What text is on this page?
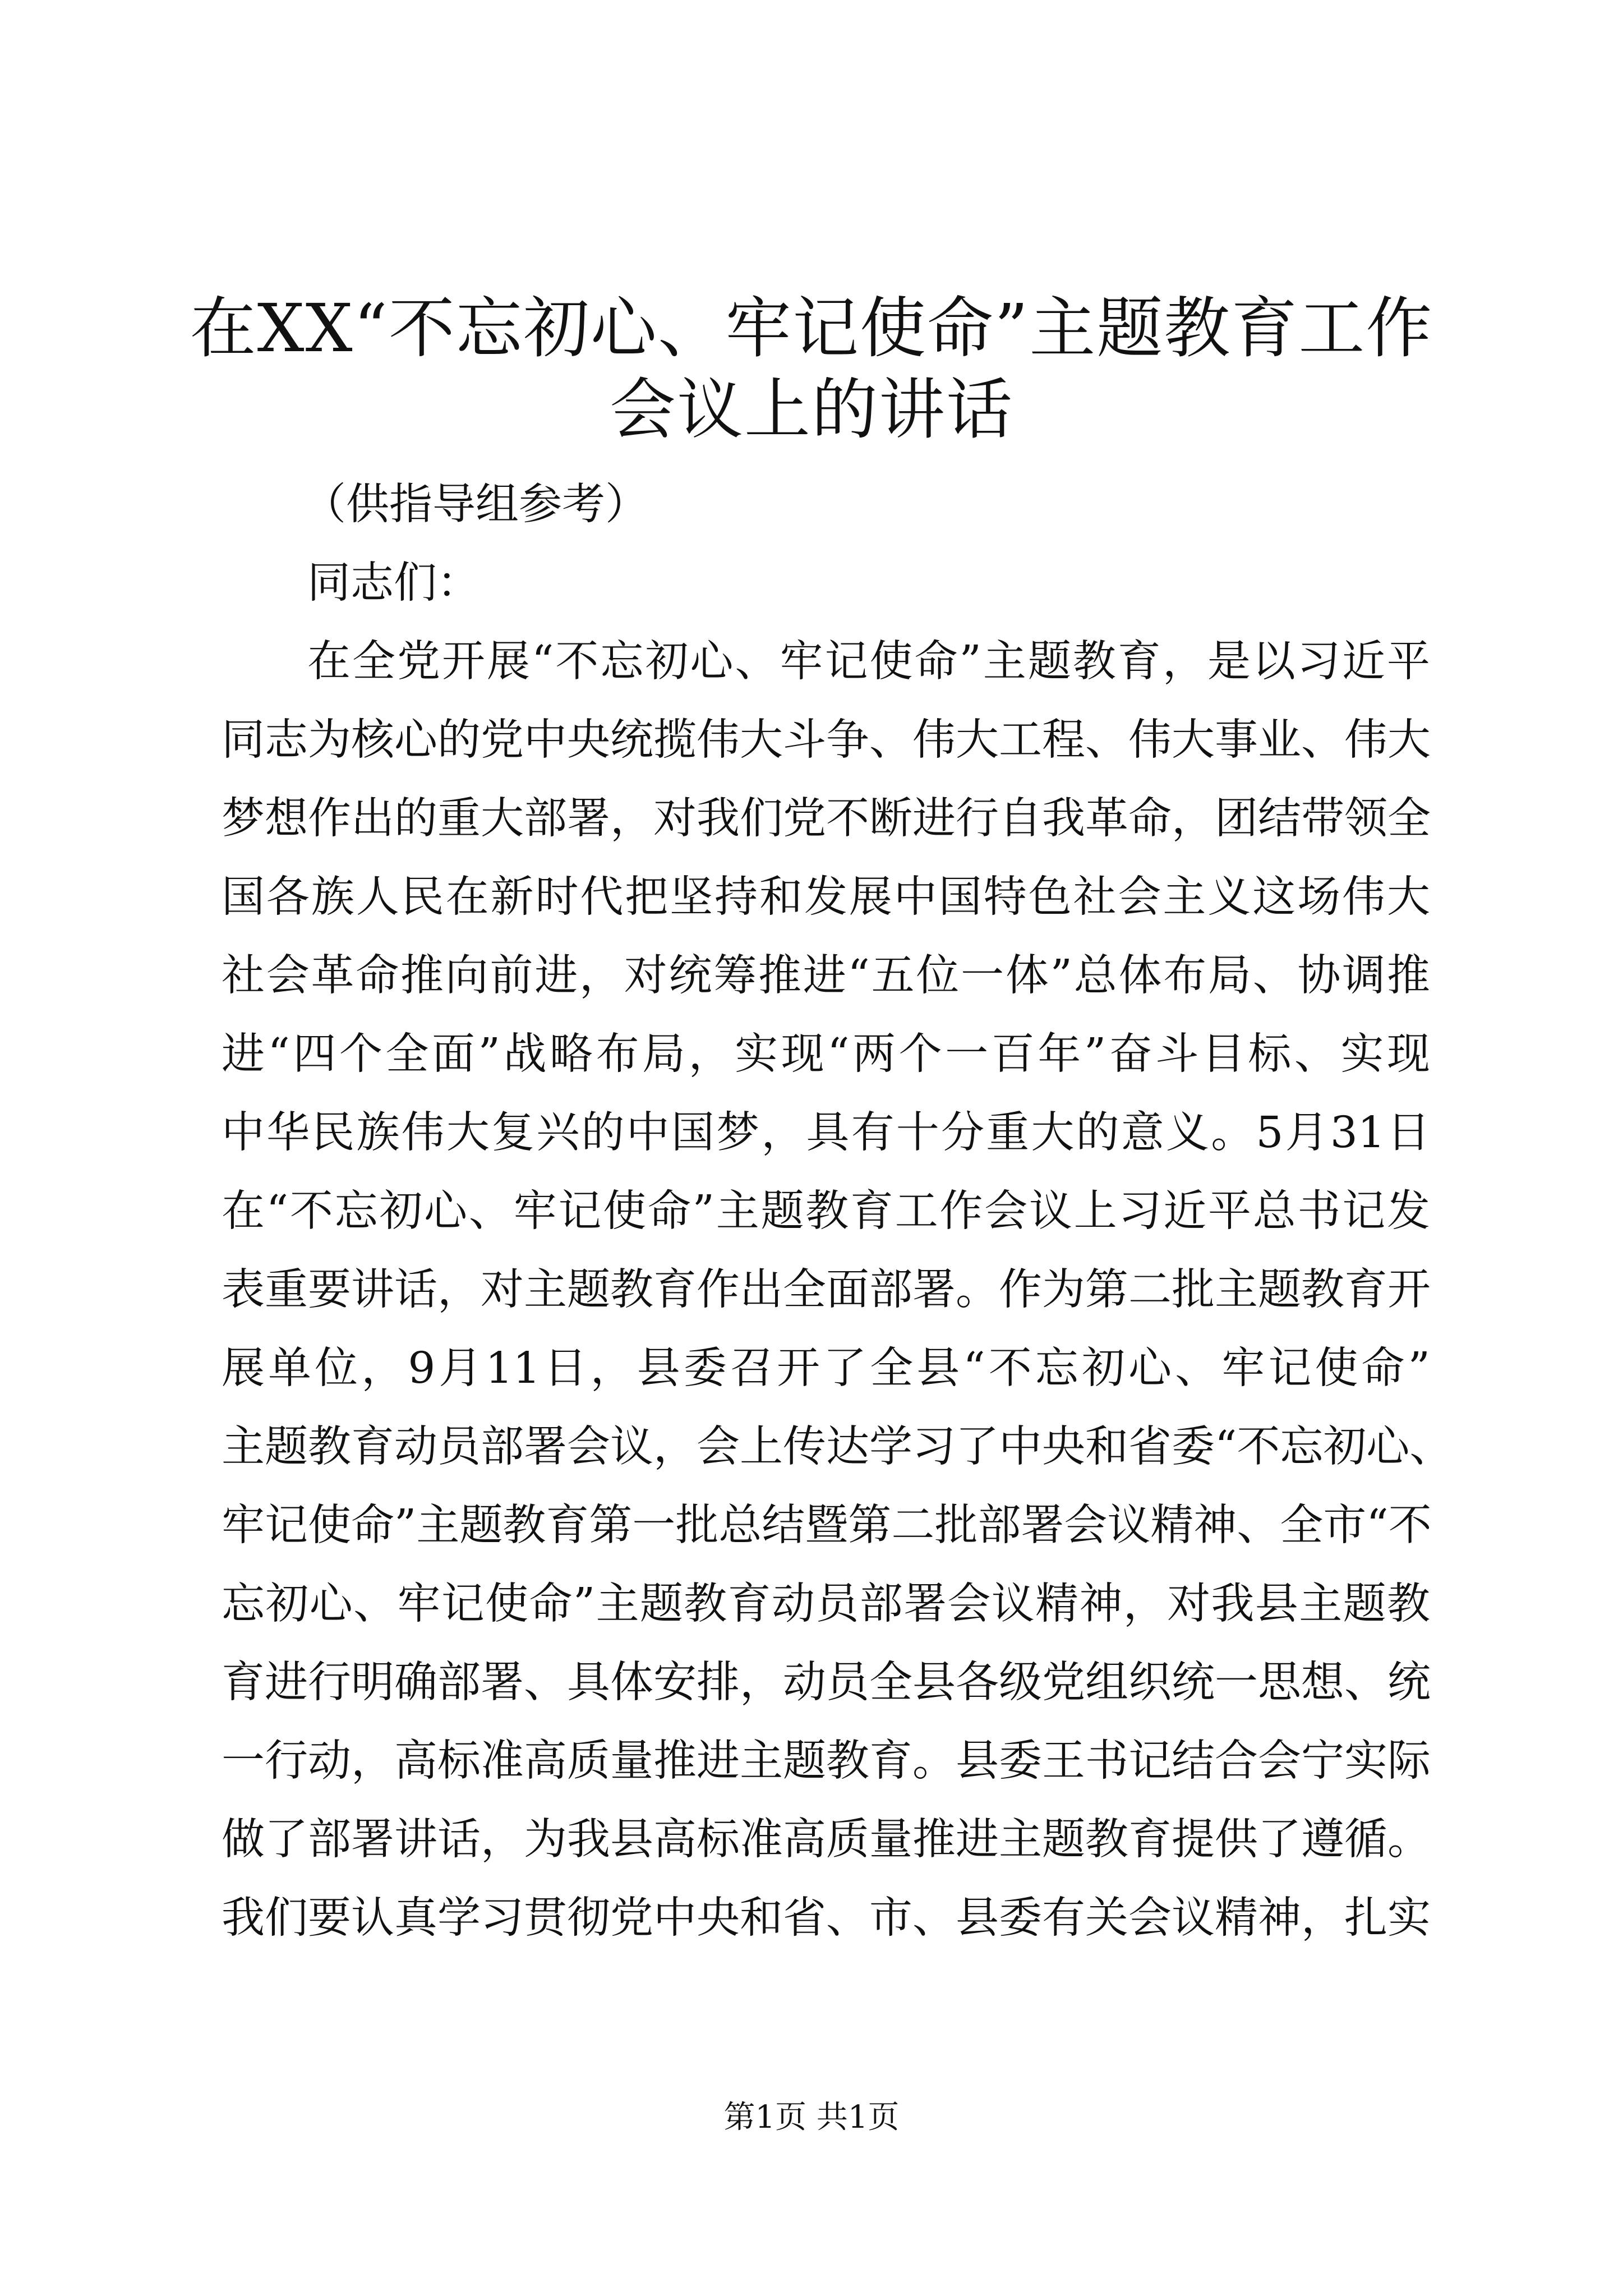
在XX“不忘初心、牢记使命”主题教育工作
会议上的讲话
（供指导组参考）
同志们：
在全党开展“不忘初心、牢记使命”主题教育，是以习近平
同志为核心的党中央统揽伟大斗争、伟大工程、伟大事业、伟大
梦想作出的重大部署，对我们党不断进行自我革命，团结带领全
国各族人民在新时代把坚持和发展中国特色社会主义这场伟大
社会革命推向前进，对统筹推进“五位一体”总体布局、协调推
进“四个全面”战略布局，实现“两个一百年”奋斗目标、实现
中华民族伟大复兴的中国梦，具有十分重大的意义。5月31日
在“不忘初心、牢记使命”主题教育工作会议上习近平总书记发
表重要讲话，对主题教育作出全面部署。作为第二批主题教育开
展单位，9月11日，县委召开了全县“不忘初心、牢记使命”
主题教育动员部署会议，会上传达学习了中央和省委“不忘初心、
牢记使命”主题教育第一批总结暨第二批部署会议精神、全市“不
忘初心、牢记使命”主题教育动员部署会议精神，对我县主题教
育进行明确部署、具体安排，动员全县各级党组织统一思想、统
一行动，高标准高质量推进主题教育。县委王书记结合会宁实际
做了部署讲话，为我县高标准高质量推进主题教育提供了遵循。
我们要认真学习贯彻党中央和省、市、县委有关会议精神，扎实
第1页 共1页
